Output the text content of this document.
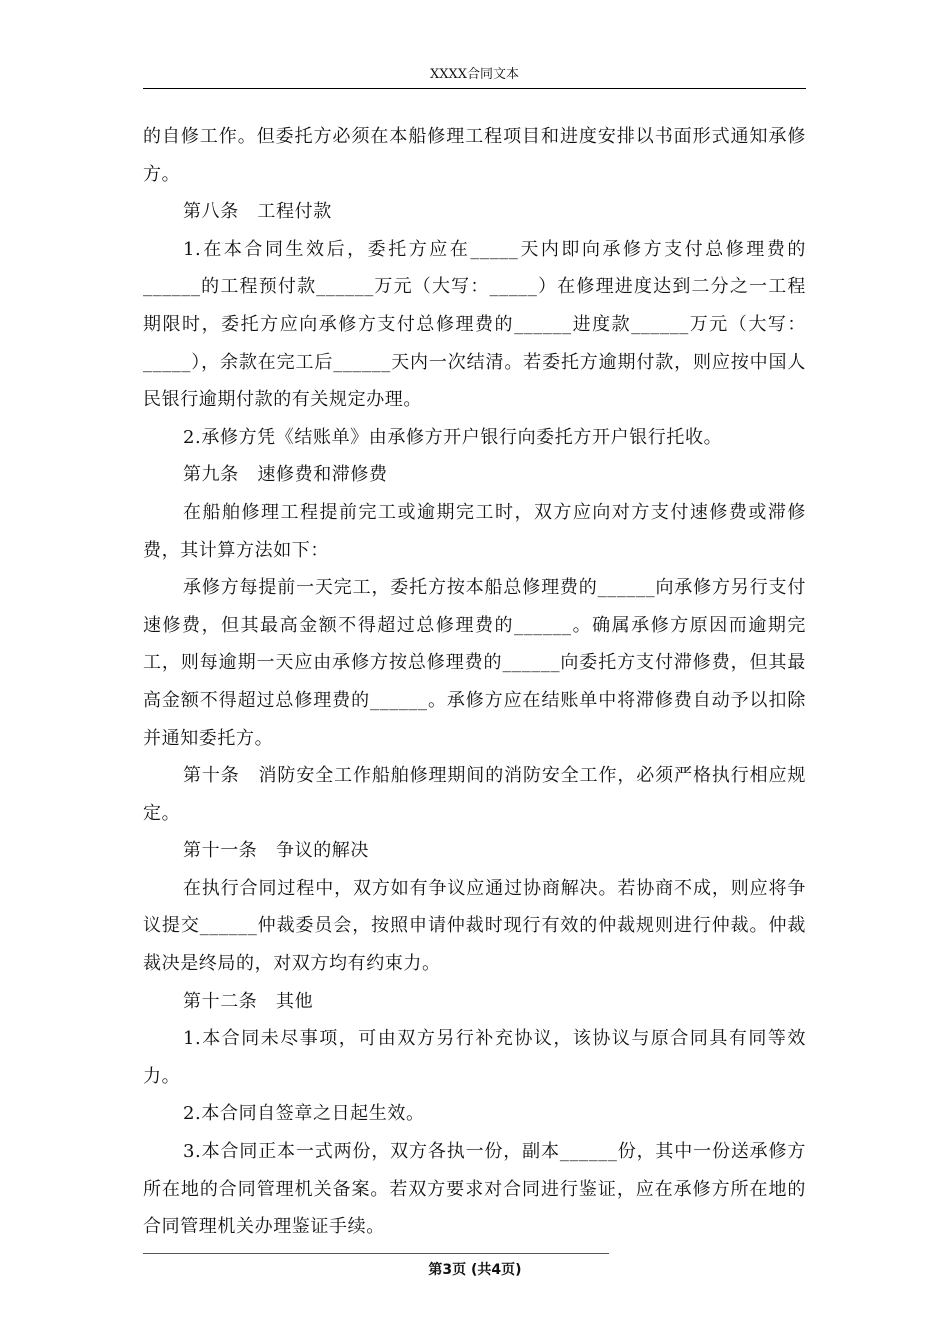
XXXX合同文本

的自修工作。但委托方必须在本船修理工程项目和进度安排以书面形式通知承修方。

第八条　工程付款

1.在本合同生效后，委托方应在_____天内即向承修方支付总修理费的______的工程预付款______万元（大写：_____）在修理进度达到二分之一工程期限时，委托方应向承修方支付总修理费的______进度款______万元（大写：_____），余款在完工后______天内一次结清。若委托方逾期付款，则应按中国人民银行逾期付款的有关规定办理。

2.承修方凭《结账单》由承修方开户银行向委托方开户银行托收。

第九条　速修费和滞修费

在船舶修理工程提前完工或逾期完工时，双方应向对方支付速修费或滞修费，其计算方法如下：

承修方每提前一天完工，委托方按本船总修理费的______向承修方另行支付速修费，但其最高金额不得超过总修理费的______。确属承修方原因而逾期完工，则每逾期一天应由承修方按总修理费的______向委托方支付滞修费，但其最高金额不得超过总修理费的______。承修方应在结账单中将滞修费自动予以扣除并通知委托方。

第十条　消防安全工作船舶修理期间的消防安全工作，必须严格执行相应规定。

第十一条　争议的解决

在执行合同过程中，双方如有争议应通过协商解决。若协商不成，则应将争议提交______仲裁委员会，按照申请仲裁时现行有效的仲裁规则进行仲裁。仲裁裁决是终局的，对双方均有约束力。

第十二条　其他

1.本合同未尽事项，可由双方另行补充协议，该协议与原合同具有同等效力。

2.本合同自签章之日起生效。

3.本合同正本一式两份，双方各执一份，副本______份，其中一份送承修方所在地的合同管理机关备案。若双方要求对合同进行鉴证，应在承修方所在地的合同管理机关办理鉴证手续。

第3页 (共4页)
